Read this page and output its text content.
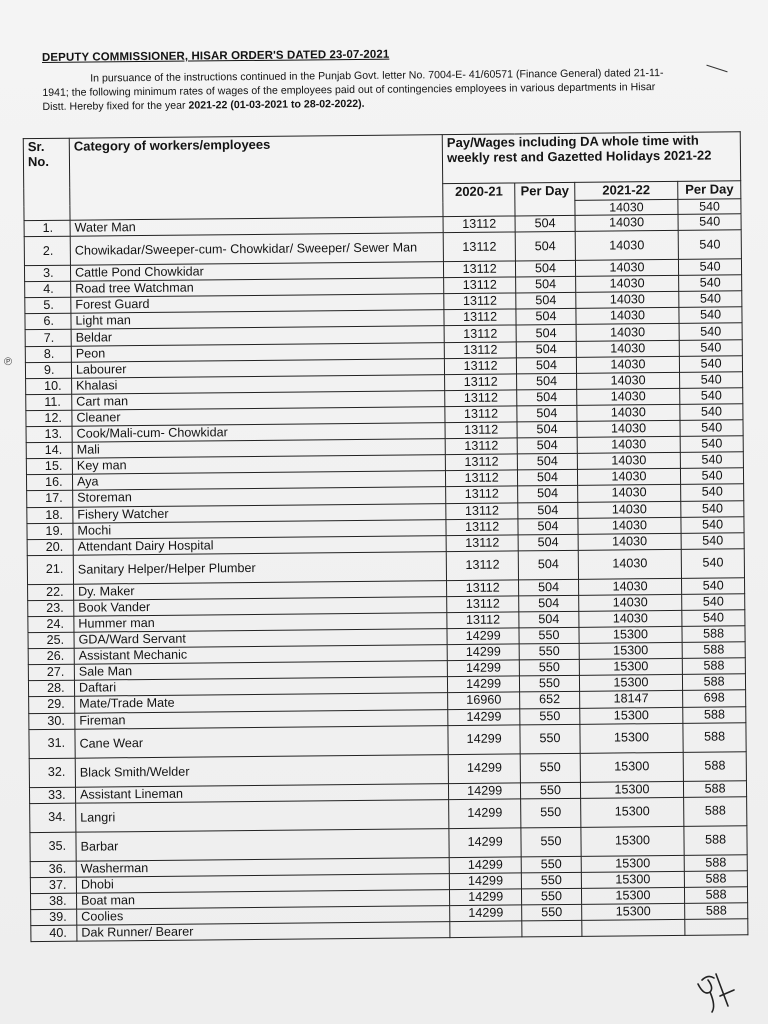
DEPUTY COMMISSIONER, HISAR ORDER'S DATED 23-07-2021
In pursuance of the instructions continued in the Punjab Govt. letter No. 7004-E- 41/60571 (Finance General) dated 21-11-1941; the following minimum rates of wages of the employees paid out of contingencies employees in various departments in Hisar Distt. Hereby fixed for the year 2021-22 (01-03-2021 to 28-02-2022).
Sr. No.	Category of workers/employees	Pay/Wages including DA whole time with weekly rest and Gazetted Holidays 2021-22			
		2020-21	Per Day	2021-22	Per Day
				14030	540
1.	Water Man	13112	504	14030	540
2.	Chowikadar/Sweeper-cum- Chowkidar/ Sweeper/ Sewer Man	13112	504	14030	540
3.	Cattle Pond Chowkidar	13112	504	14030	540
4.	Road tree Watchman	13112	504	14030	540
5.	Forest Guard	13112	504	14030	540
6.	Light man	13112	504	14030	540
7.	Beldar	13112	504	14030	540
8.	Peon	13112	504	14030	540
9.	Labourer	13112	504	14030	540
10.	Khalasi	13112	504	14030	540
11.	Cart man	13112	504	14030	540
12.	Cleaner	13112	504	14030	540
13.	Cook/Mali-cum- Chowkidar	13112	504	14030	540
14.	Mali	13112	504	14030	540
15.	Key man	13112	504	14030	540
16.	Aya	13112	504	14030	540
17.	Storeman	13112	504	14030	540
18.	Fishery Watcher	13112	504	14030	540
19.	Mochi	13112	504	14030	540
20.	Attendant Dairy Hospital	13112	504	14030	540
21.	Sanitary Helper/Helper Plumber	13112	504	14030	540
22.	Dy. Maker	13112	504	14030	540
23.	Book Vander	13112	504	14030	540
24.	Hummer man	13112	504	14030	540
25.	GDA/Ward Servant	14299	550	15300	588
26.	Assistant Mechanic	14299	550	15300	588
27.	Sale Man	14299	550	15300	588
28.	Daftari	14299	550	15300	588
29.	Mate/Trade Mate	16960	652	18147	698
30.	Fireman	14299	550	15300	588
31.	Cane Wear	14299	550	15300	588
32.	Black Smith/Welder	14299	550	15300	588
33.	Assistant Lineman	14299	550	15300	588
34.	Langri	14299	550	15300	588
35.	Barbar	14299	550	15300	588
36.	Washerman	14299	550	15300	588
37.	Dhobi	14299	550	15300	588
38.	Boat man	14299	550	15300	588
39.	Coolies	14299	550	15300	588
40.	Dak Runner/ Bearer				
℗
